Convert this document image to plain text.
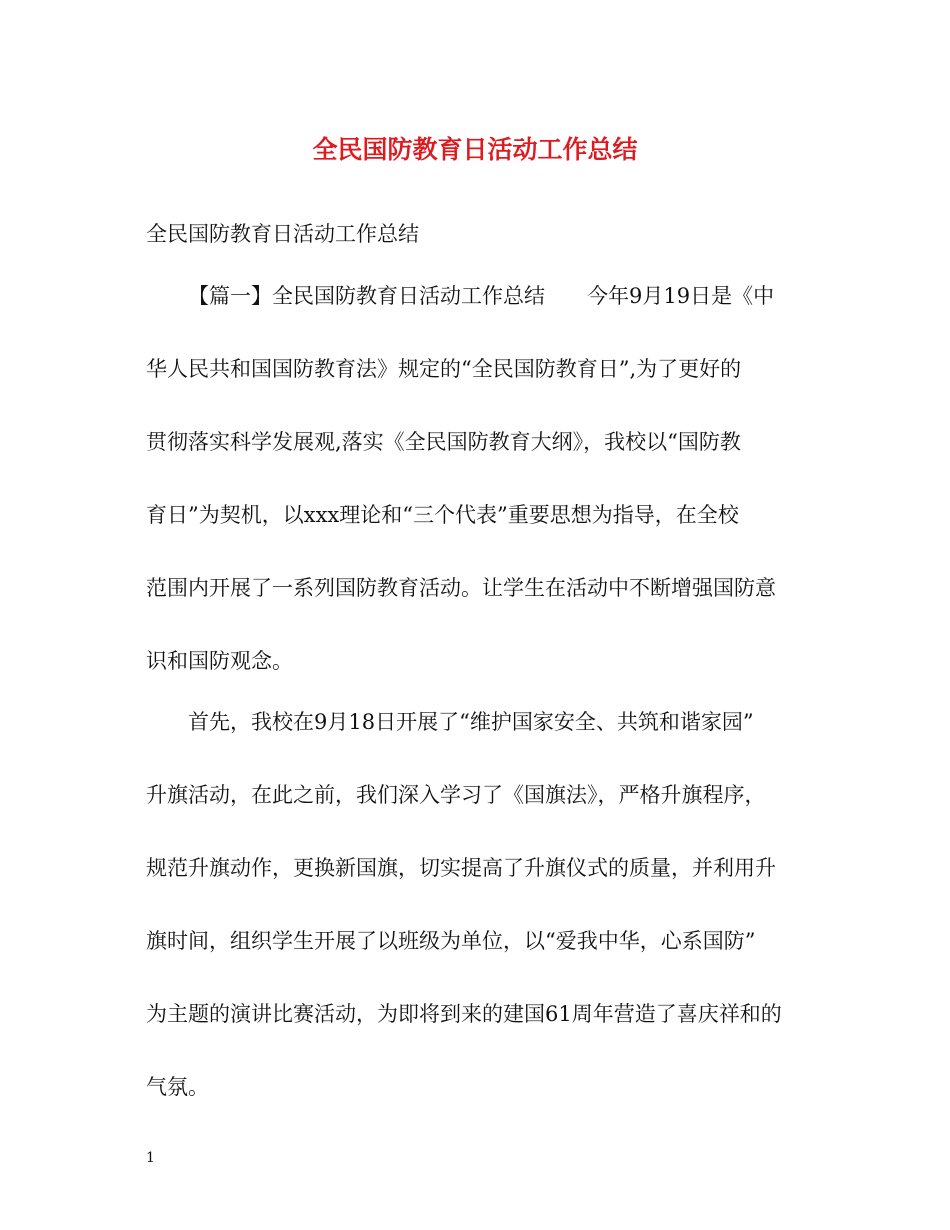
全民国防教育日活动工作总结
全民国防教育日活动工作总结
【篇一】全民国防教育日活动工作总结　　今年9月19日是《中
华人民共和国国防教育法》规定的“全民国防教育日”,为了更好的
贯彻落实科学发展观,落实《全民国防教育大纲》，我校以“国防教
育日”为契机，以xxx理论和“三个代表”重要思想为指导，在全校
范围内开展了一系列国防教育活动。让学生在活动中不断增强国防意
识和国防观念。
首先，我校在9月18日开展了“维护国家安全、共筑和谐家园”
升旗活动，在此之前，我们深入学习了《国旗法》，严格升旗程序，
规范升旗动作，更换新国旗，切实提高了升旗仪式的质量，并利用升
旗时间，组织学生开展了以班级为单位，以“爱我中华，心系国防”
为主题的演讲比赛活动，为即将到来的建国61周年营造了喜庆祥和的
气氛。
1
